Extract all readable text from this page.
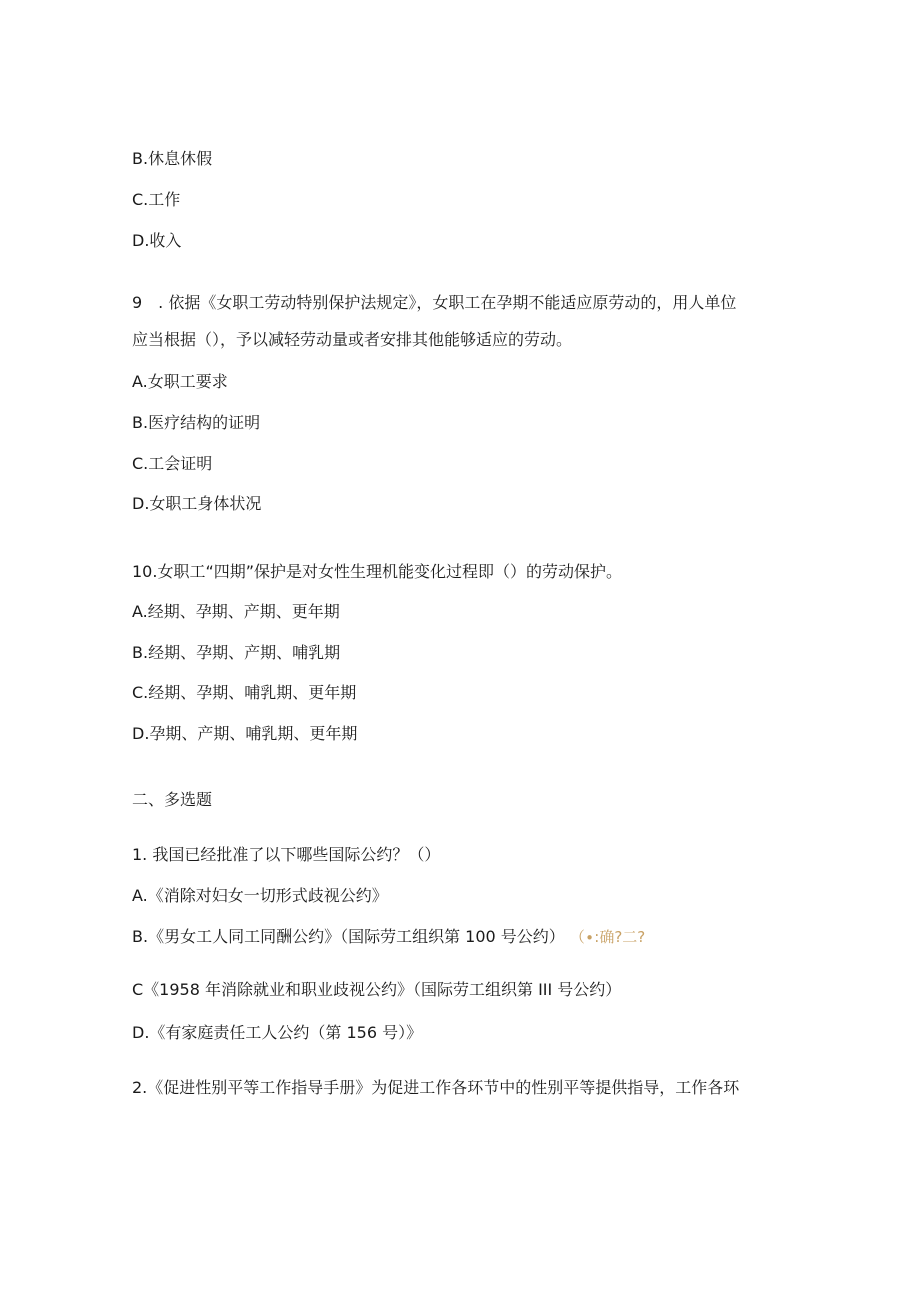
B.休息休假
C.工作
D.收入
9　. 依据《女职工劳动特别保护法规定》，女职工在孕期不能适应原劳动的，用人单位
应当根据（），予以减轻劳动量或者安排其他能够适应的劳动。
A.女职工要求
B.医疗结构的证明
C.工会证明
D.女职工身体状况
10.女职工“四期”保护是对女性生理机能变化过程即（）的劳动保护。
A.经期、孕期、产期、更年期
B.经期、孕期、产期、哺乳期
C.经期、孕期、哺乳期、更年期
D.孕期、产期、哺乳期、更年期
二、多选题
1. 我国已经批准了以下哪些国际公约？（）
A.《消除对妇女一切形式歧视公约》
B.《男女工人同工同酬公约》（国际劳工组织第 100 号公约） （∙:确?二?
C《1958 年消除就业和职业歧视公约》（国际劳工组织第 III 号公约）
D.《有家庭责任工人公约（第 156 号）》
2.《促进性别平等工作指导手册》为促进工作各环节中的性别平等提供指导，工作各环
